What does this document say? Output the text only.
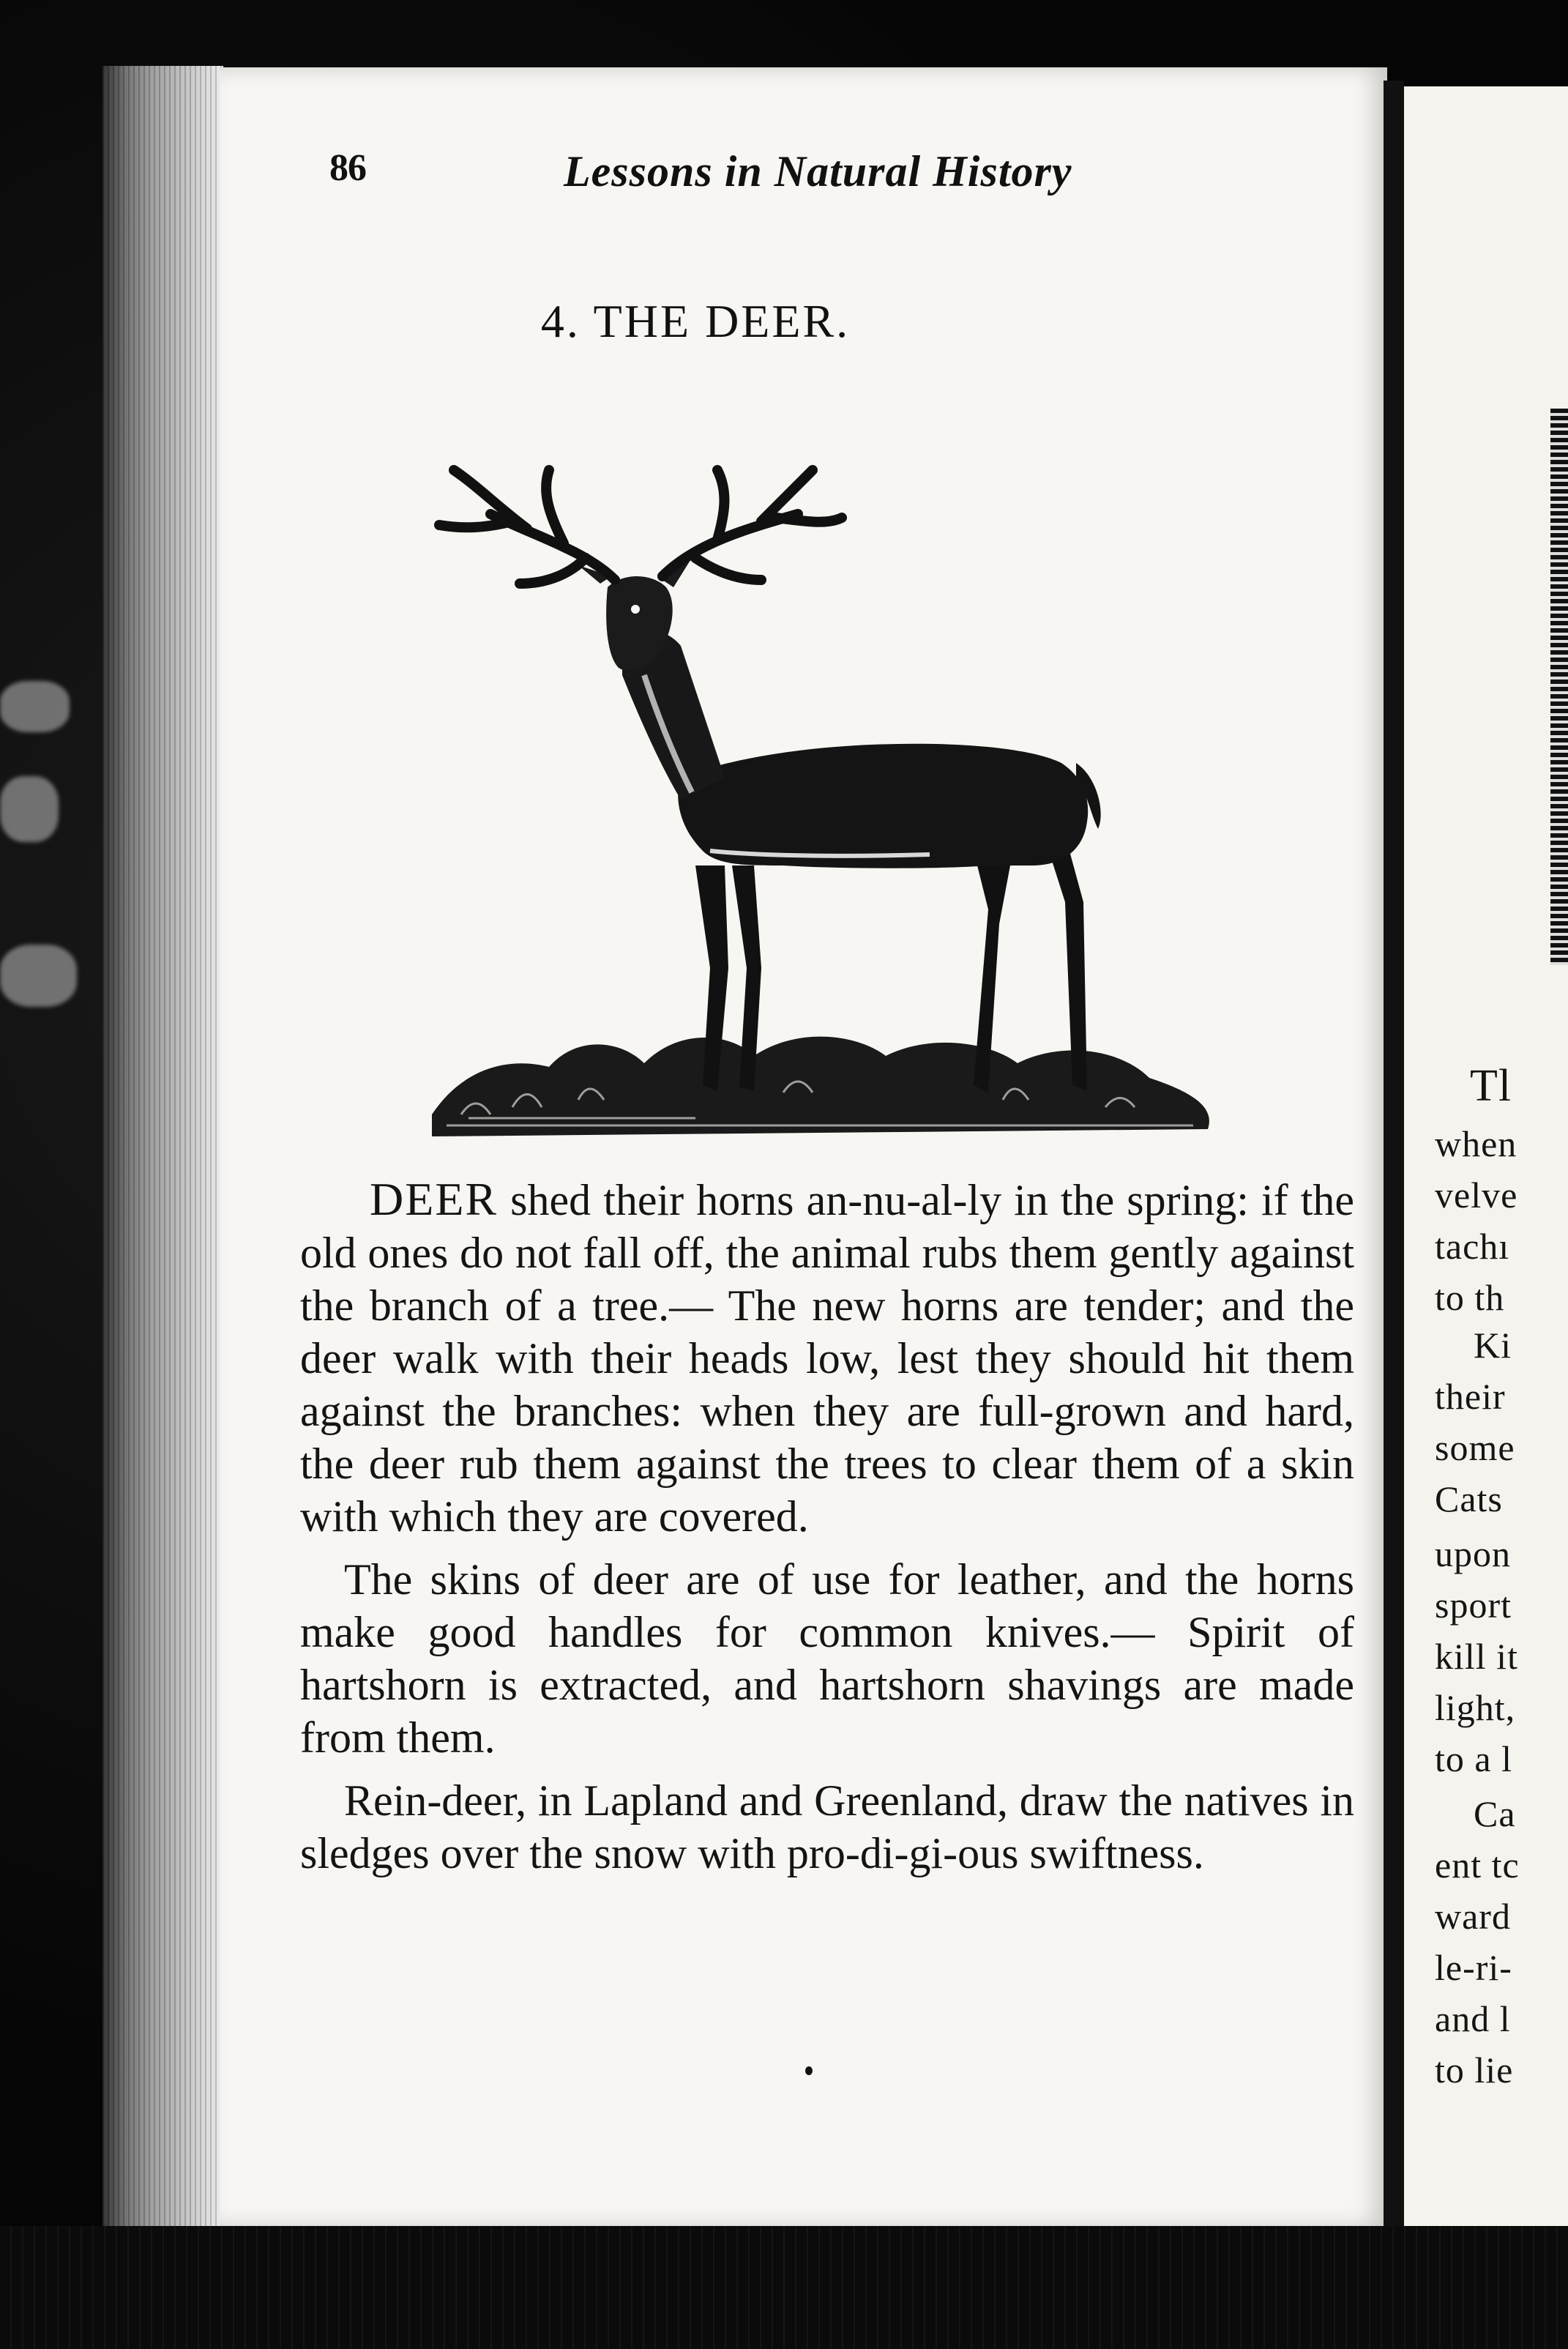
86	Lessons in Natural History
4. THE DEER.

DEER shed their horns an-nu-al-ly in the spring: if the old ones do not fall off, the animal rubs them gently against the branch of a tree.— The new horns are tender; and the deer walk with their heads low, lest they should hit them against the branches: when they are full-grown and hard, the deer rub them against the trees to clear them of a skin with which they are covered.

The skins of deer are of use for leather, and the horns make good handles for common knives.— Spirit of hartshorn is extracted, and hartshorn shavings are made from them.

Rein-deer, in Lapland and Greenland, draw the natives in sledges over the snow with pro-di-gi-ous swiftness.

Tl
when
velve
tachı
to th
Ki
their
some
Cats
upon
sport
kill it
light,
to a l
Ca
ent tc
ward
le-ri-
and l
to lie
